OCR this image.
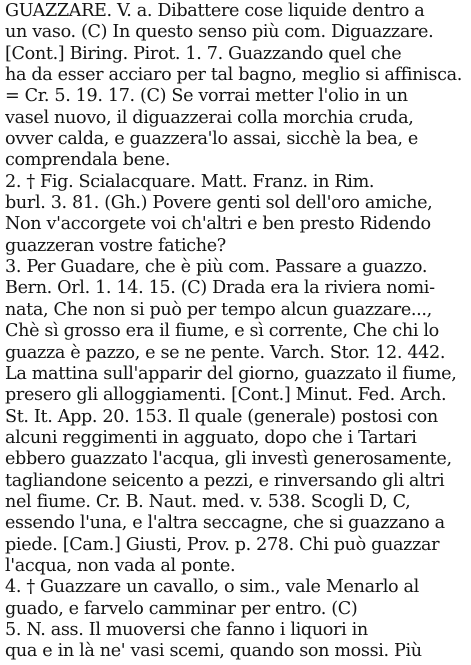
GUAZZARE. V. a. Dibattere cose liquide dentro a
un vaso. (C) In questo senso più com. Diguazzare.
[Cont.] Biring. Pirot. 1. 7. Guazzando quel che
ha da esser acciaro per tal bagno, meglio si affinisca.
= Cr. 5. 19. 17. (C) Se vorrai metter l'olio in un
vasel nuovo, il diguazzerai colla morchia cruda,
ovver calda, e guazzera'lo assai, sicchè la bea, e
comprendala bene.
2. † Fig. Scialacquare. Matt. Franz. in Rim.
burl. 3. 81. (Gh.) Povere genti sol dell'oro amiche,
Non v'accorgete voi ch'altri e ben presto Ridendo
guazzeran vostre fatiche?
3. Per Guadare, che è più com. Passare a guazzo.
Bern. Orl. 1. 14. 15. (C) Drada era la riviera nomi-
nata, Che non si può per tempo alcun guazzare...,
Chè sì grosso era il fiume, e sì corrente, Che chi lo
guazza è pazzo, e se ne pente. Varch. Stor. 12. 442.
La mattina sull'apparir del giorno, guazzato il fiume,
presero gli alloggiamenti. [Cont.] Minut. Fed. Arch.
St. It. App. 20. 153. Il quale (generale) postosi con
alcuni reggimenti in agguato, dopo che i Tartari
ebbero guazzato l'acqua, gli investì generosamente,
tagliandone seicento a pezzi, e rinversando gli altri
nel fiume. Cr. B. Naut. med. v. 538. Scogli D, C,
essendo l'una, e l'altra seccagne, che si guazzano a
piede. [Cam.] Giusti, Prov. p. 278. Chi può guazzar
l'acqua, non vada al ponte.
4. † Guazzare un cavallo, o sim., vale Menarlo al
guado, e farvelo camminar per entro. (C)
5. N. ass. Il muoversi che fanno i liquori in
qua e in là ne' vasi scemi, quando son mossi. Più
